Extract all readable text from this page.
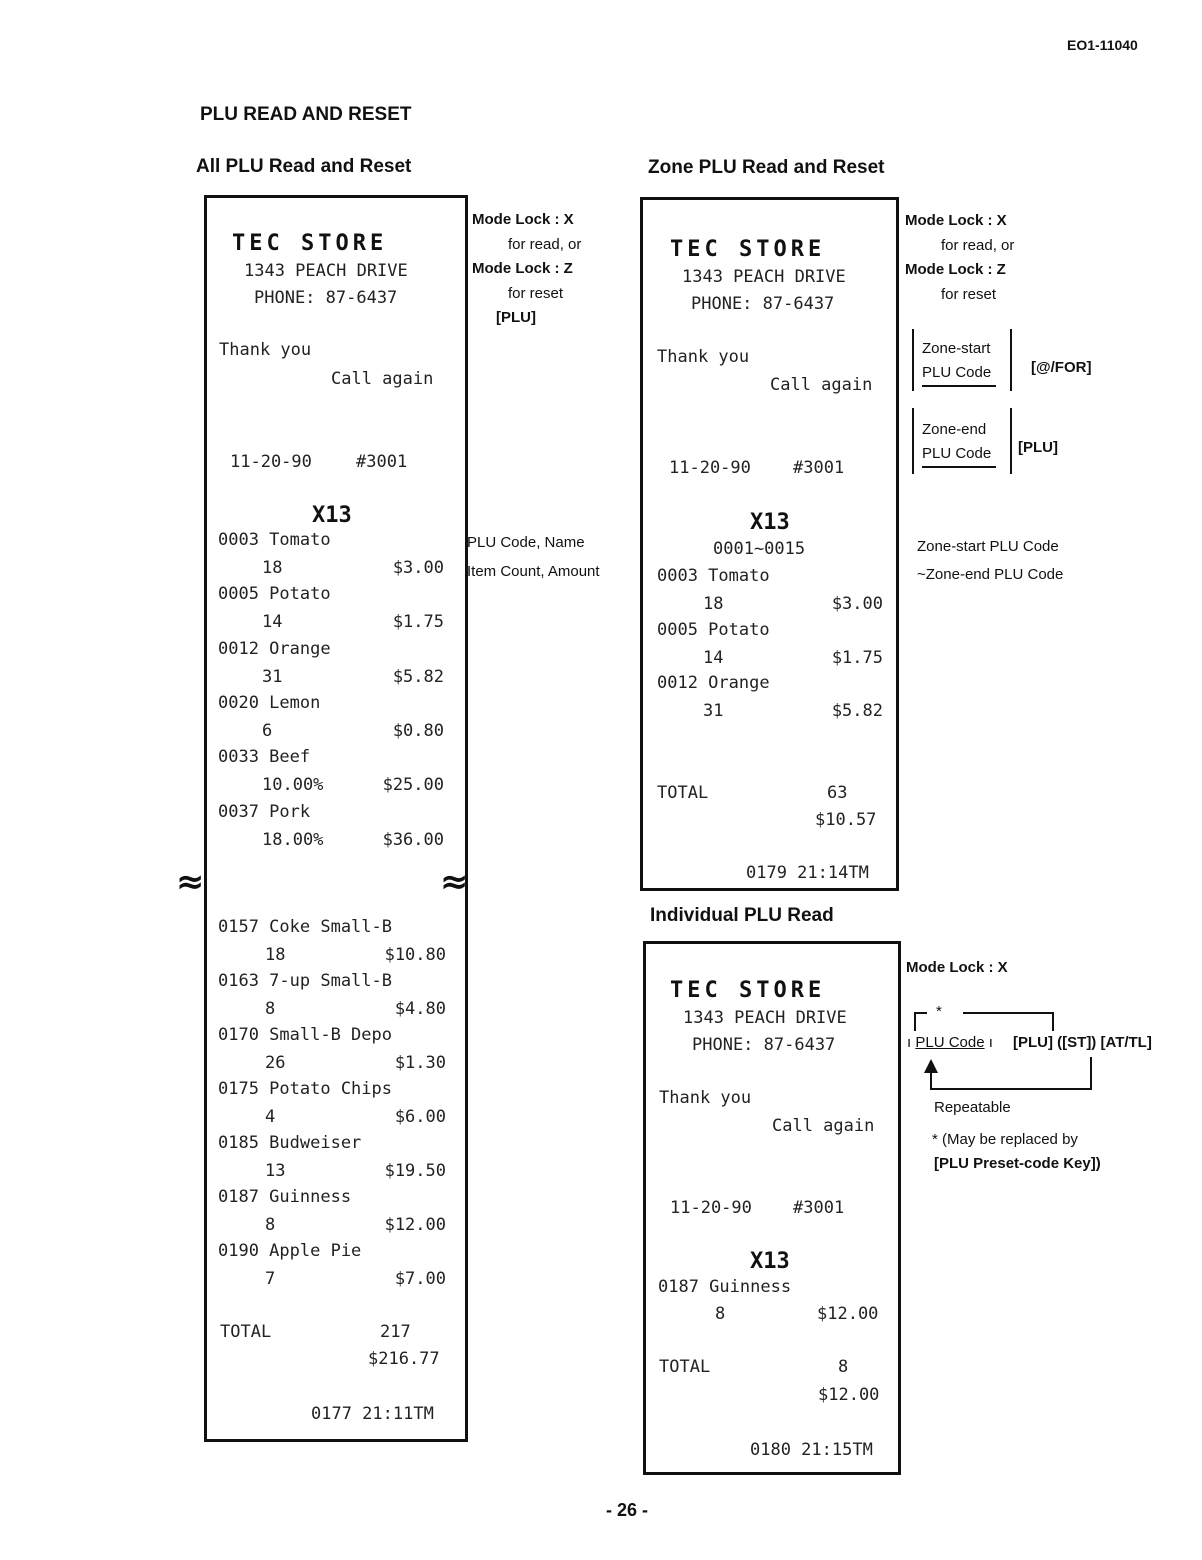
EO1-11040
PLU READ AND RESET
All PLU Read and Reset
TEC STORE
1343 PEACH DRIVE
PHONE: 87-6437
Thank you
Call again
11-20-90	#3001
X13
0003 Tomato
18	$3.00
0005 Potato
14	$1.75
0012 Orange
31	$5.82
0020 Lemon
6	$0.80
0033 Beef
10.00%	$25.00
0037 Pork
18.00%	$36.00
≈	≈
0157 Coke Small-B
18	$10.80
0163 7-up Small-B
8	$4.80
0170 Small-B Depo
26	$1.30
0175 Potato Chips
4	$6.00
0185 Budweiser
13	$19.50
0187 Guinness
8	$12.00
0190 Apple Pie
7	$7.00
TOTAL	217
$216.77
0177 21:11TM
Mode Lock : X
for read, or
Mode Lock : Z
for reset
[PLU]
PLU Code, Name
Item Count, Amount
Zone PLU Read and Reset
TEC STORE
1343 PEACH DRIVE
PHONE: 87-6437
Thank you
Call again
11-20-90 #3001
X13
0001~0015
0003 Tomato
18	$3.00
0005 Potato
14	$1.75
0012 Orange
31	$5.82
TOTAL	63
$10.57
0179 21:14TM
Mode Lock : X
for read, or
Mode Lock : Z
for reset
Zone-start
PLU Code	[@/FOR]
Zone-end
PLU Code	[PLU]
Zone-start PLU Code
~Zone-end PLU Code
Individual PLU Read
TEC STORE
1343 PEACH DRIVE
PHONE: 87-6437
Thank you
Call again
11-20-90 #3001
X13
0187 Guinness
8	$12.00
TOTAL	8
$12.00
0180 21:15TM
Mode Lock : X
*
ı PLU Code ı [PLU] ([ST]) [AT/TL]
Repeatable
* (May be replaced by
[PLU Preset-code Key])
- 26 -
